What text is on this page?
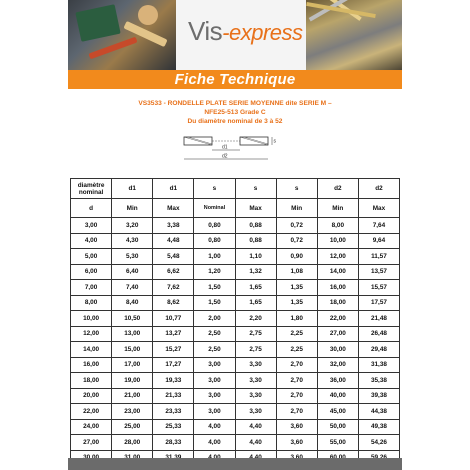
Vis-express
Fiche Technique
VS3533 - RONDELLE PLATE SERIE MOYENNE dite SERIE M –
NFE25-513 Grade C
Du diamètre nominal de 3 à 52
d1
d2
s
diamètre nominal	d1	d1	s	s	s	d2	d2
d	Min	Max	Nominal	Max	Min	Min	Max
3,00	3,20	3,38	0,80	0,88	0,72	8,00	7,64
4,00	4,30	4,48	0,80	0,88	0,72	10,00	9,64
5,00	5,30	5,48	1,00	1,10	0,90	12,00	11,57
6,00	6,40	6,62	1,20	1,32	1,08	14,00	13,57
7,00	7,40	7,62	1,50	1,65	1,35	16,00	15,57
8,00	8,40	8,62	1,50	1,65	1,35	18,00	17,57
10,00	10,50	10,77	2,00	2,20	1,80	22,00	21,48
12,00	13,00	13,27	2,50	2,75	2,25	27,00	26,48
14,00	15,00	15,27	2,50	2,75	2,25	30,00	29,48
16,00	17,00	17,27	3,00	3,30	2,70	32,00	31,38
18,00	19,00	19,33	3,00	3,30	2,70	36,00	35,38
20,00	21,00	21,33	3,00	3,30	2,70	40,00	39,38
22,00	23,00	23,33	3,00	3,30	2,70	45,00	44,38
24,00	25,00	25,33	4,00	4,40	3,60	50,00	49,38
27,00	28,00	28,33	4,00	4,40	3,60	55,00	54,26
